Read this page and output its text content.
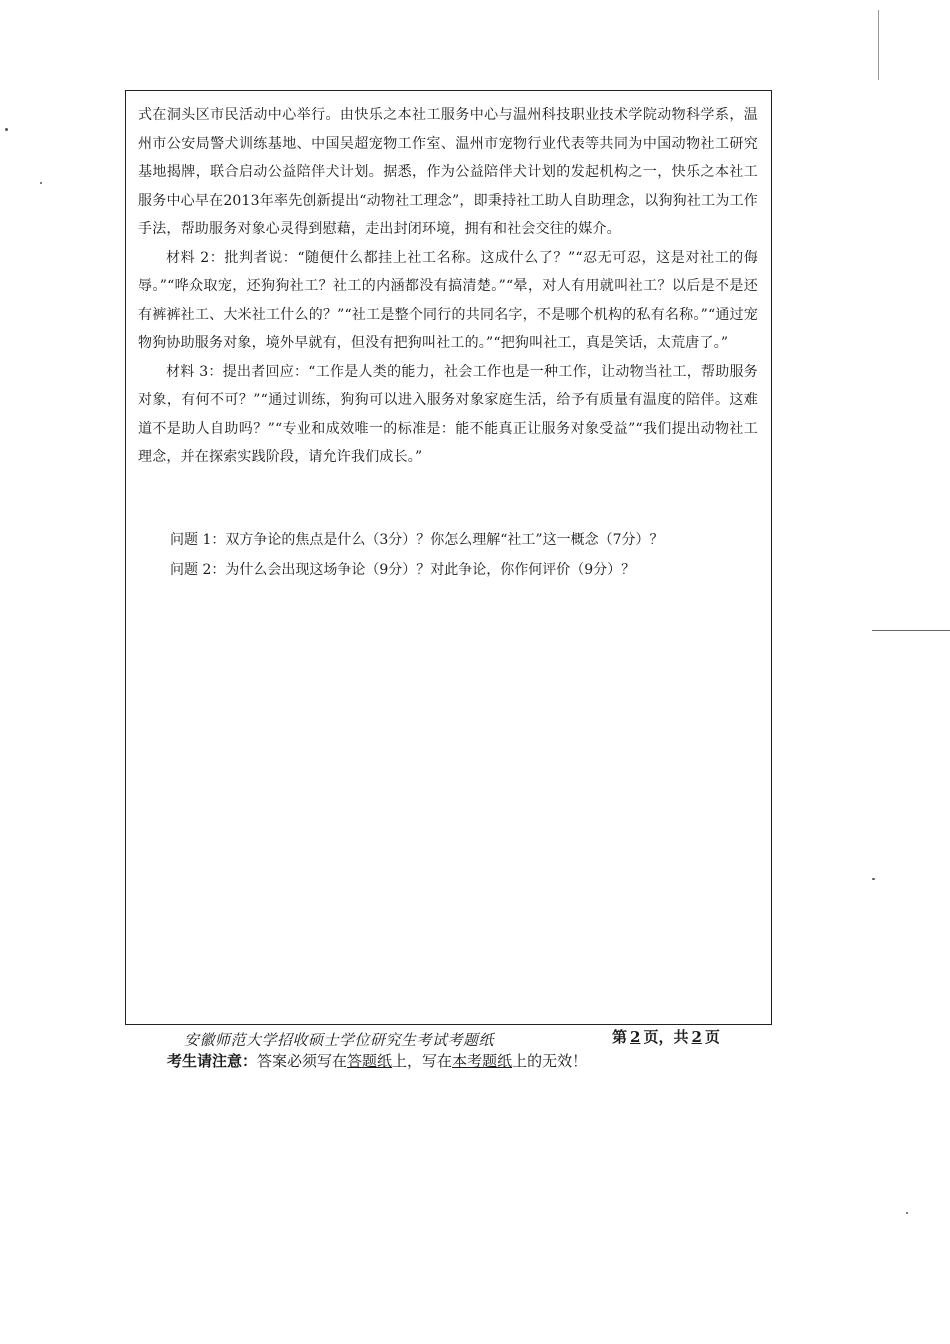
式在洞头区市民活动中心举行。由快乐之本社工服务中心与温州科技职业技术学院动物科学系，温州市公安局警犬训练基地、中国吴超宠物工作室、温州市宠物行业代表等共同为中国动物社工研究基地揭牌，联合启动公益陪伴犬计划。据悉，作为公益陪伴犬计划的发起机构之一，快乐之本社工服务中心早在2013年率先创新提出“动物社工理念”，即秉持社工助人自助理念，以狗狗社工为工作手法，帮助服务对象心灵得到慰藉，走出封闭环境，拥有和社会交往的媒介。

材料 2：批判者说：“随便什么都挂上社工名称。这成什么了？”“忍无可忍，这是对社工的侮辱。”“哗众取宠，还狗狗社工？社工的内涵都没有搞清楚。”“晕，对人有用就叫社工？以后是不是还有裤裤社工、大米社工什么的？”“社工是整个同行的共同名字，不是哪个机构的私有名称。”“通过宠物狗协助服务对象，境外早就有，但没有把狗叫社工的。”“把狗叫社工，真是笑话，太荒唐了。”

材料 3：提出者回应：“工作是人类的能力，社会工作也是一种工作，让动物当社工，帮助服务对象，有何不可？”“通过训练，狗狗可以进入服务对象家庭生活，给予有质量有温度的陪伴。这难道不是助人自助吗？”“专业和成效唯一的标准是：能不能真正让服务对象受益”“我们提出动物社工理念，并在探索实践阶段，请允许我们成长。”

问题 1：双方争论的焦点是什么（3分）？你怎么理解“社工”这一概念（7分）？

问题 2：为什么会出现这场争论（9分）？对此争论，你作何评价（9分）？

安徽师范大学招收硕士学位研究生考试考题纸	第 2 页，共 2 页
考生请注意：答案必须写在答题纸上，写在本考题纸上的无效！
